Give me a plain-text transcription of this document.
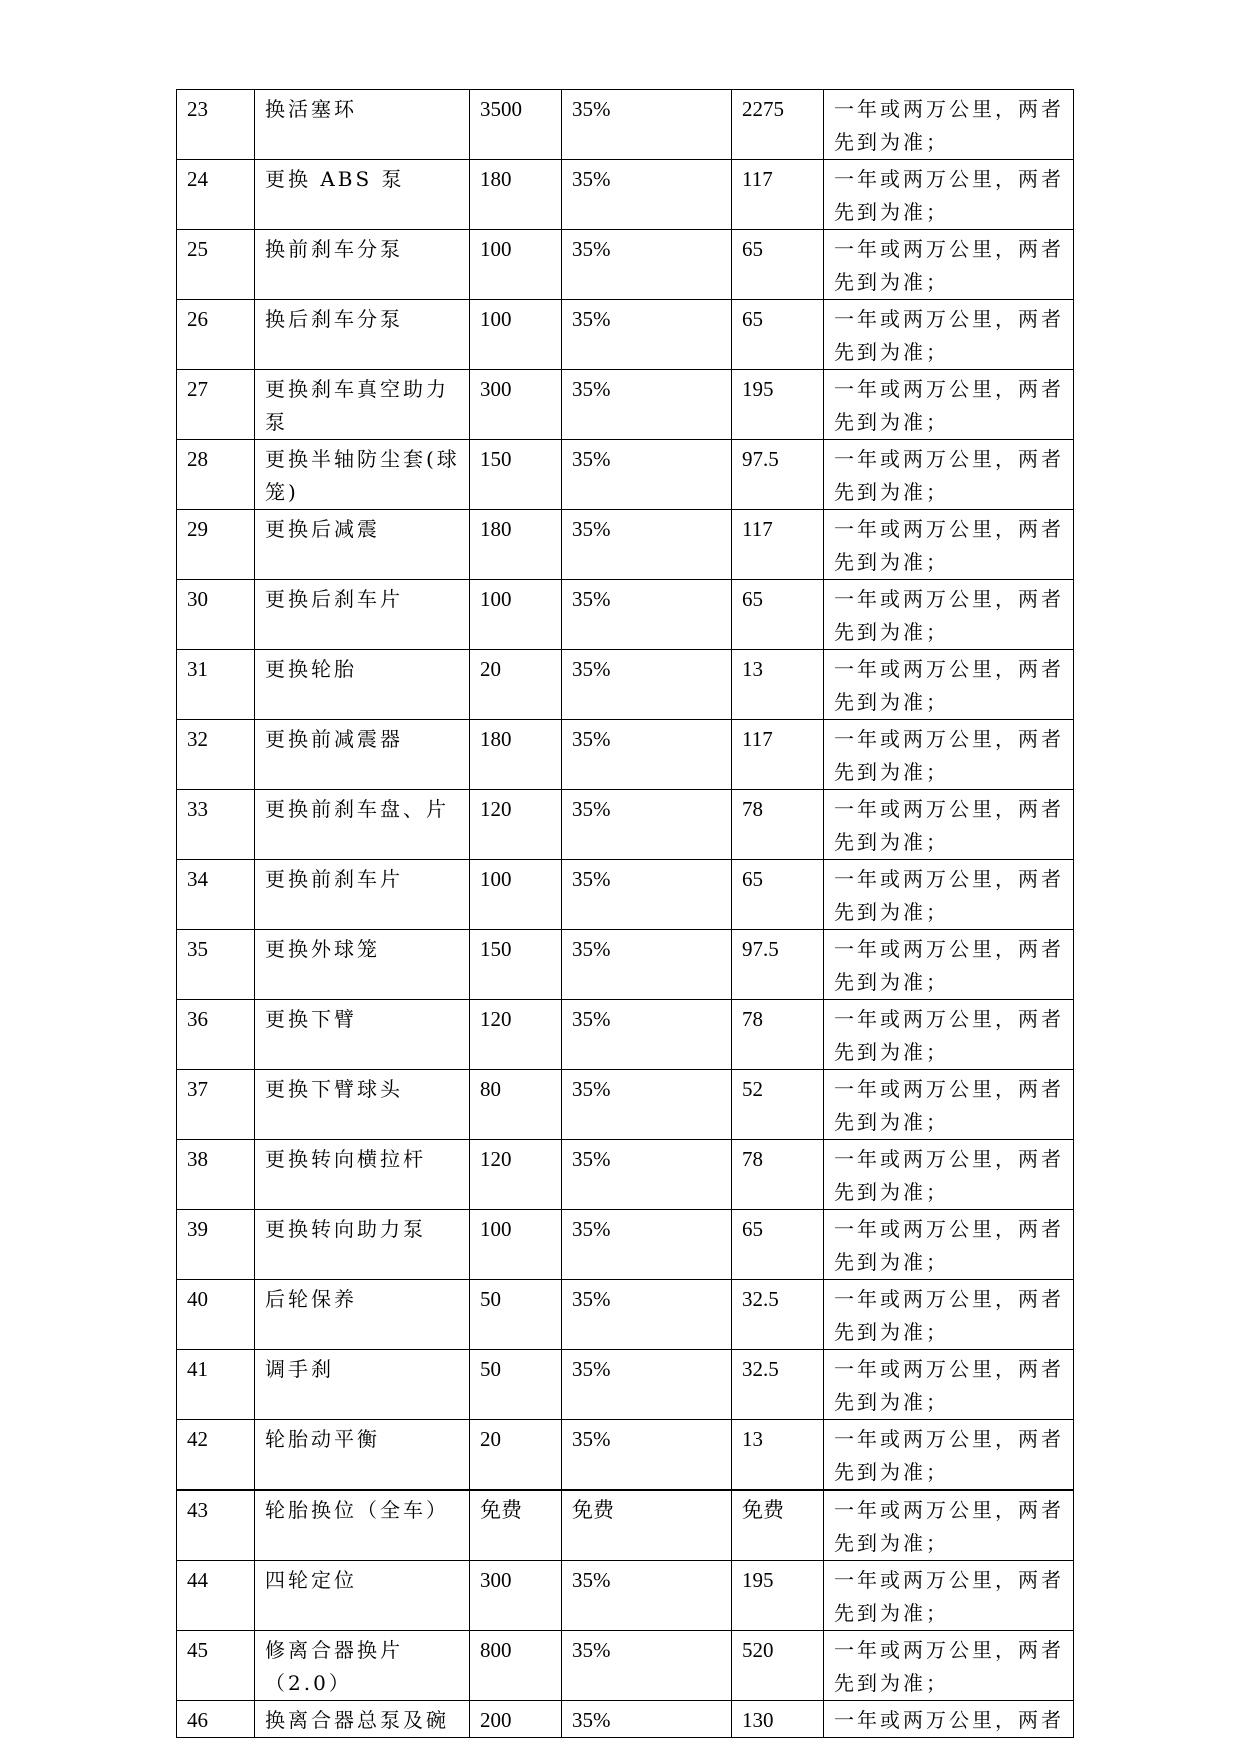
23	换活塞环	3500	35%	2275	一年或两万公里，两者先到为准；
24	更换 ABS 泵	180	35%	117	一年或两万公里，两者先到为准；
25	换前刹车分泵	100	35%	65	一年或两万公里，两者先到为准；
26	换后刹车分泵	100	35%	65	一年或两万公里，两者先到为准；
27	更换刹车真空助力泵	300	35%	195	一年或两万公里，两者先到为准；
28	更换半轴防尘套(球笼)	150	35%	97.5	一年或两万公里，两者先到为准；
29	更换后减震	180	35%	117	一年或两万公里，两者先到为准；
30	更换后刹车片	100	35%	65	一年或两万公里，两者先到为准；
31	更换轮胎	20	35%	13	一年或两万公里，两者先到为准；
32	更换前减震器	180	35%	117	一年或两万公里，两者先到为准；
33	更换前刹车盘、片	120	35%	78	一年或两万公里，两者先到为准；
34	更换前刹车片	100	35%	65	一年或两万公里，两者先到为准；
35	更换外球笼	150	35%	97.5	一年或两万公里，两者先到为准；
36	更换下臂	120	35%	78	一年或两万公里，两者先到为准；
37	更换下臂球头	80	35%	52	一年或两万公里，两者先到为准；
38	更换转向横拉杆	120	35%	78	一年或两万公里，两者先到为准；
39	更换转向助力泵	100	35%	65	一年或两万公里，两者先到为准；
40	后轮保养	50	35%	32.5	一年或两万公里，两者先到为准；
41	调手刹	50	35%	32.5	一年或两万公里，两者先到为准；
42	轮胎动平衡	20	35%	13	一年或两万公里，两者先到为准；
43	轮胎换位（全车）	免费	免费	免费	一年或两万公里，两者先到为准；
44	四轮定位	300	35%	195	一年或两万公里，两者先到为准；
45	修离合器换片（2.0）	800	35%	520	一年或两万公里，两者先到为准；
46	换离合器总泵及碗	200	35%	130	一年或两万公里，两者
